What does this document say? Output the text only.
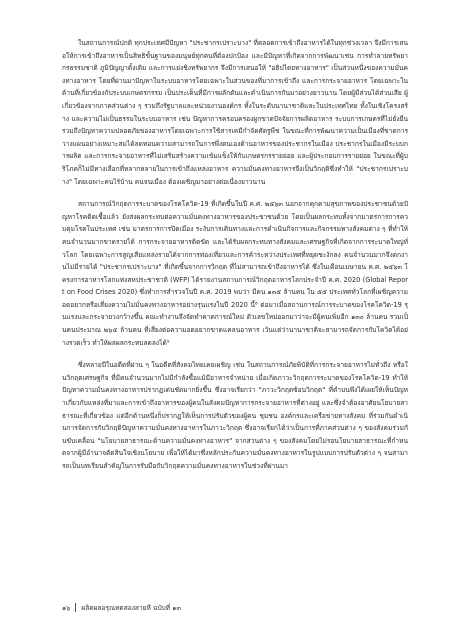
ในสถานการณ์ปกติ ทุกประเทศมีปัญหา "ประชากรเปราะบาง" ที่ตลอดการเข้าถึงอาหารได้ในทุกช่วงเวลา จึงมีการเสนอให้การเข้าถึงอาหารเป็นสิทธิขั้นฐานของมนุษย์ทุกคนที่ต้องปกป้อง และมีปัญหาที่เกิดจากการพัฒนาเช่น การทำลายทรัพยากรธรรมชาติ ภูมิปัญญาดั้งเดิม และการแย่งชิงทรัพยากร จึงมีการเสนอให้ "อธิปไตยทางอาหาร" เป็นส่วนหนึ่งของความมั่นคงทางอาหาร โดยที่ผ่านมาปัญหาในระบบอาหารโดยเฉพาะในส่วนของที่มาการเข้าถึง และการกระจายอาหาร โดยเฉพาะในด้านที่เกี่ยวข้องกับระบบเกษตรกรรม เป็นประเด็นที่มีการผลักดันและดำเนินการกันมาอย่างยาวนาน โดยผู้มีส่วนได้ส่วนเสีย ผู้เกี่ยวข้องจากภาคส่วนต่าง ๆ รวมถึงรัฐบาลและหน่วยงานองค์กร ทั้งในระดับนานาชาติและในประเทศไทย ทั้งในเชิงโครงสร้าง และความไม่เป็นธรรมในระบบอาหาร เช่น ปัญหาการครอบครองผูกขาดปัจจัยการผลิตอาหาร ระบบการเกษตรที่ไม่ยั่งยืน รวมถึงปัญหาความปลอดภัยของอาหารโดยเฉพาะการใช้สารเคมีกำจัดศัตรูพืช ในขณะที่การพัฒนาความเป็นเมืองที่ขาดการวางแผนอย่างเหมาะสมได้ลดทอนความสามารถในการพึ่งตนเองด้านอาหารของประชากรในเมือง ประชากรในเมืองมีระบบการผลิต และการกระจายอาหารที่ไม่เสริมสร้างความเข้มแข็งให้กับเกษตรกรรายย่อย และผู้ประกอบการรายย่อย ในขณะที่ผู้บริโภคก็ไม่มีทางเลือกที่หลากหลายในการเข้าถึงแหล่งอาหาร ความมั่นคงทางอาหารจึงเป็นวิกฤติซึ่งทำให้ "ประชากรเปราะบาง" โดยเฉพาะคนไร้บ้าน คนจนเมือง ต้องเผชิญมาอย่างต่อเนื่องยาวนาน

สถานการณ์วิกฤตการระบาดของโรคโควิด-19 ที่เกิดขึ้นในปี ค.ศ. ๒๕๖๓ นอกจากคุกคามสุขภาพของประชาชนด้วยปัญหาโรคติดเชื้อแล้ว ยังส่งผลกระทบต่อความมั่นคงทางอาหารของประชาชนด้วย โดยเป็นผลกระทบทั้งจากมาตรการการควบคุมโรคในประเทศ เช่น มาตรการการปิดเมือง ระงับการเดินทางและการดำเนินกิจการและกิจกรรมทางสังคมต่าง ๆ ที่ทำให้คนจำนวนมากขาดรายได้ การกระจายอาหารติดขัด และได้รับผลกระทบทางสังคมและเศรษฐกิจที่เกิดจากการระบาดใหญ่ทั่วโลก โดยเฉพาะการสูญเสียแหล่งรายได้จากการท่องเที่ยวและการค้าระหว่างประเทศที่หยุดชะงักลง คนจำนวนมากจึงตกงานไม่มีรายได้ "ประชากรเปราะบาง" ที่เกิดขึ้นจากการวิกฤต ที่ไม่สามารถเข้าถึงอาหารได้ ซึ่งในเดือนเมษายน ค.ศ. ๒๕๖๓ โครงการอาหารโลกแห่งสหประชาชาติ (WFP) ได้รายงานสถานการณ์วิกฤตอาหารโลกประจำปี ค.ศ. 2020 (Global Report on Food Crises 2020) ซึ่งทำการสำรวจในปี ค.ศ. 2019 พบว่า มีคน ๑๓๕ ล้านคน ใน ๕๕ ประเทศทั่วโลกที่เผชิญความอดอยากหรือเสี่ยงความไม่มั่นคงทางอาหารอย่างรุนแรงในปี 2020 นี้⁸ ต่อมาเมื่อสถานการณ์การระบาดของโรคโควิด-19 รุนแรงและกระจายวงกว้างขึ้น คณะทำงานจึงจัดทำคาดการณ์ใหม่ ตัวเลขใหม่ออกมาว่าจะมีผู้คนเพิ่มอีก ๑๓๐ ล้านคน รวมเป็นคนประมาณ ๒๖๕ ล้านคน ที่เสี่ยงต่อความอดอยากขาดแคลนอาหาร เว้นแต่ว่านานาชาติจะสามารถจัดการกับโควิดได้อย่างรวดเร็ว ทำให้ผลผลกระทบลดลงได้⁹

ซึ่งหลายปีในอดีตที่ผ่าน ๆ ในอดีตที่สังคมไทยเคยเผชิญ เช่น ในสถานการณ์ภัยพิบัติที่การกระจายอาหารไม่ทั่วถึง หรือในวิกฤตเศรษฐกิจ ที่มีคนจำนวนมากไม่มีกำลังซื้อแม้มีอาหารจำหน่าย เมื่อเกิดภาวะวิกฤตการระบาดของโรคโควิด-19 ทำให้ปัญหาความมั่นคงทางอาหารปรากฏเด่นชัดมากยิ่งขึ้น ซึ่งอาจเรียกว่า "ภาวะวิกฤตซ้อนวิกฤต" ที่ตำบนพึงได้เผยให้เห็นปัญหาเกี่ยวกับแหล่งที่มาและการเข้าถึงอาหารของผู้คนในสังคมปัญหาการกระจายอาหารที่ต่างอยู่ และซึ่งจำต้องอาศัยนโยบายสาธารณะที่เกี่ยวข้อง แต่อีกด้านหนึ่งก็ปรากฏให้เห็นการปรับตัวของผู้คน ชุมชน องค์กรและเครือข่ายทางสังคม ที่ร่วมกันดำเนินการจัดการกับวิกฤติปัญหาความมั่นคงทางอาหารในภาวะวิกฤต ซึ่งอาจเรียกได้ว่าเป็นการที่ภาคส่วนต่าง ๆ ของสังคมร่วมกันขับเคลื่อน "นโยบายสาธารณะด้านความมั่นคงทางอาหาร" จากส่วนต่าง ๆ ของสังคมโดยไม่รอนโยบายสาธารณะที่กำหนดจากผู้มีอำนาจตัดสินใจเชิงนโยบาย เพื่อให้ได้มาซึ่งหลักประกันความมั่นคงทางอาหารในรูปแบบการปรับตัวต่าง ๆ จนสามารถเป็นบทเรียนสำคัญในการรับมือกับวิกฤตความมั่นคงทางอาหารในช่วงที่ผ่านมา

๑๖ ผลิตผลอรุณทดสองสายหี ฉบับที่ ๑๓
